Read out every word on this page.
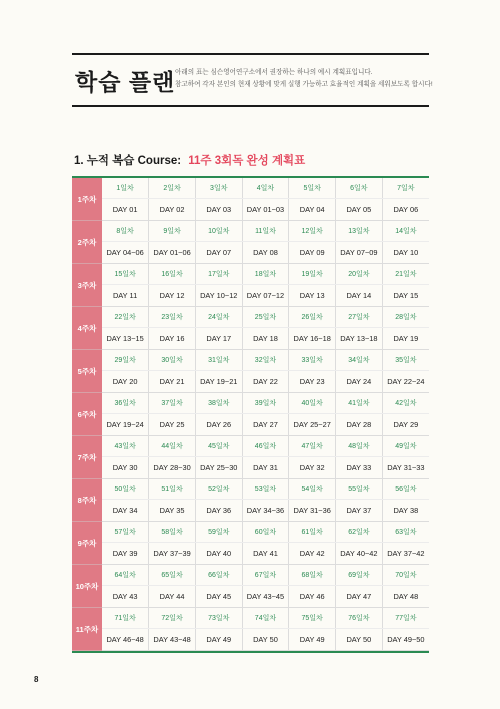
학습 플랜 아래의 표는 심슨영어연구소에서 권장하는 하나의 예시 계획표입니다.
참고하여 각자 본인의 현재 상황에 맞게 실행 가능하고 효율적인 계획을 세워보도록 합시다!
1. 누적 복습 Course: 11주 3회독 완성 계획표
1주차	1일차	2일차	3일차	4일차	5일차	6일차	7일차
	DAY 01	DAY 02	DAY 03	DAY 01~03	DAY 04	DAY 05	DAY 06
2주차	8일차	9일차	10일차	11일차	12일차	13일차	14일차
	DAY 04~06	DAY 01~06	DAY 07	DAY 08	DAY 09	DAY 07~09	DAY 10
3주차	15일차	16일차	17일차	18일차	19일차	20일차	21일차
	DAY 11	DAY 12	DAY 10~12	DAY 07~12	DAY 13	DAY 14	DAY 15
4주차	22일차	23일차	24일차	25일차	26일차	27일차	28일차
	DAY 13~15	DAY 16	DAY 17	DAY 18	DAY 16~18	DAY 13~18	DAY 19
5주차	29일차	30일차	31일차	32일차	33일차	34일차	35일차
	DAY 20	DAY 21	DAY 19~21	DAY 22	DAY 23	DAY 24	DAY 22~24
6주차	36일차	37일차	38일차	39일차	40일차	41일차	42일차
	DAY 19~24	DAY 25	DAY 26	DAY 27	DAY 25~27	DAY 28	DAY 29
7주차	43일차	44일차	45일차	46일차	47일차	48일차	49일차
	DAY 30	DAY 28~30	DAY 25~30	DAY 31	DAY 32	DAY 33	DAY 31~33
8주차	50일차	51일차	52일차	53일차	54일차	55일차	56일차
	DAY 34	DAY 35	DAY 36	DAY 34~36	DAY 31~36	DAY 37	DAY 38
9주차	57일차	58일차	59일차	60일차	61일차	62일차	63일차
	DAY 39	DAY 37~39	DAY 40	DAY 41	DAY 42	DAY 40~42	DAY 37~42
10주차	64일차	65일차	66일차	67일차	68일차	69일차	70일차
	DAY 43	DAY 44	DAY 45	DAY 43~45	DAY 46	DAY 47	DAY 48
11주차	71일차	72일차	73일차	74일차	75일차	76일차	77일차
	DAY 46~48	DAY 43~48	DAY 49	DAY 50	DAY 49	DAY 50	DAY 49~50
8
